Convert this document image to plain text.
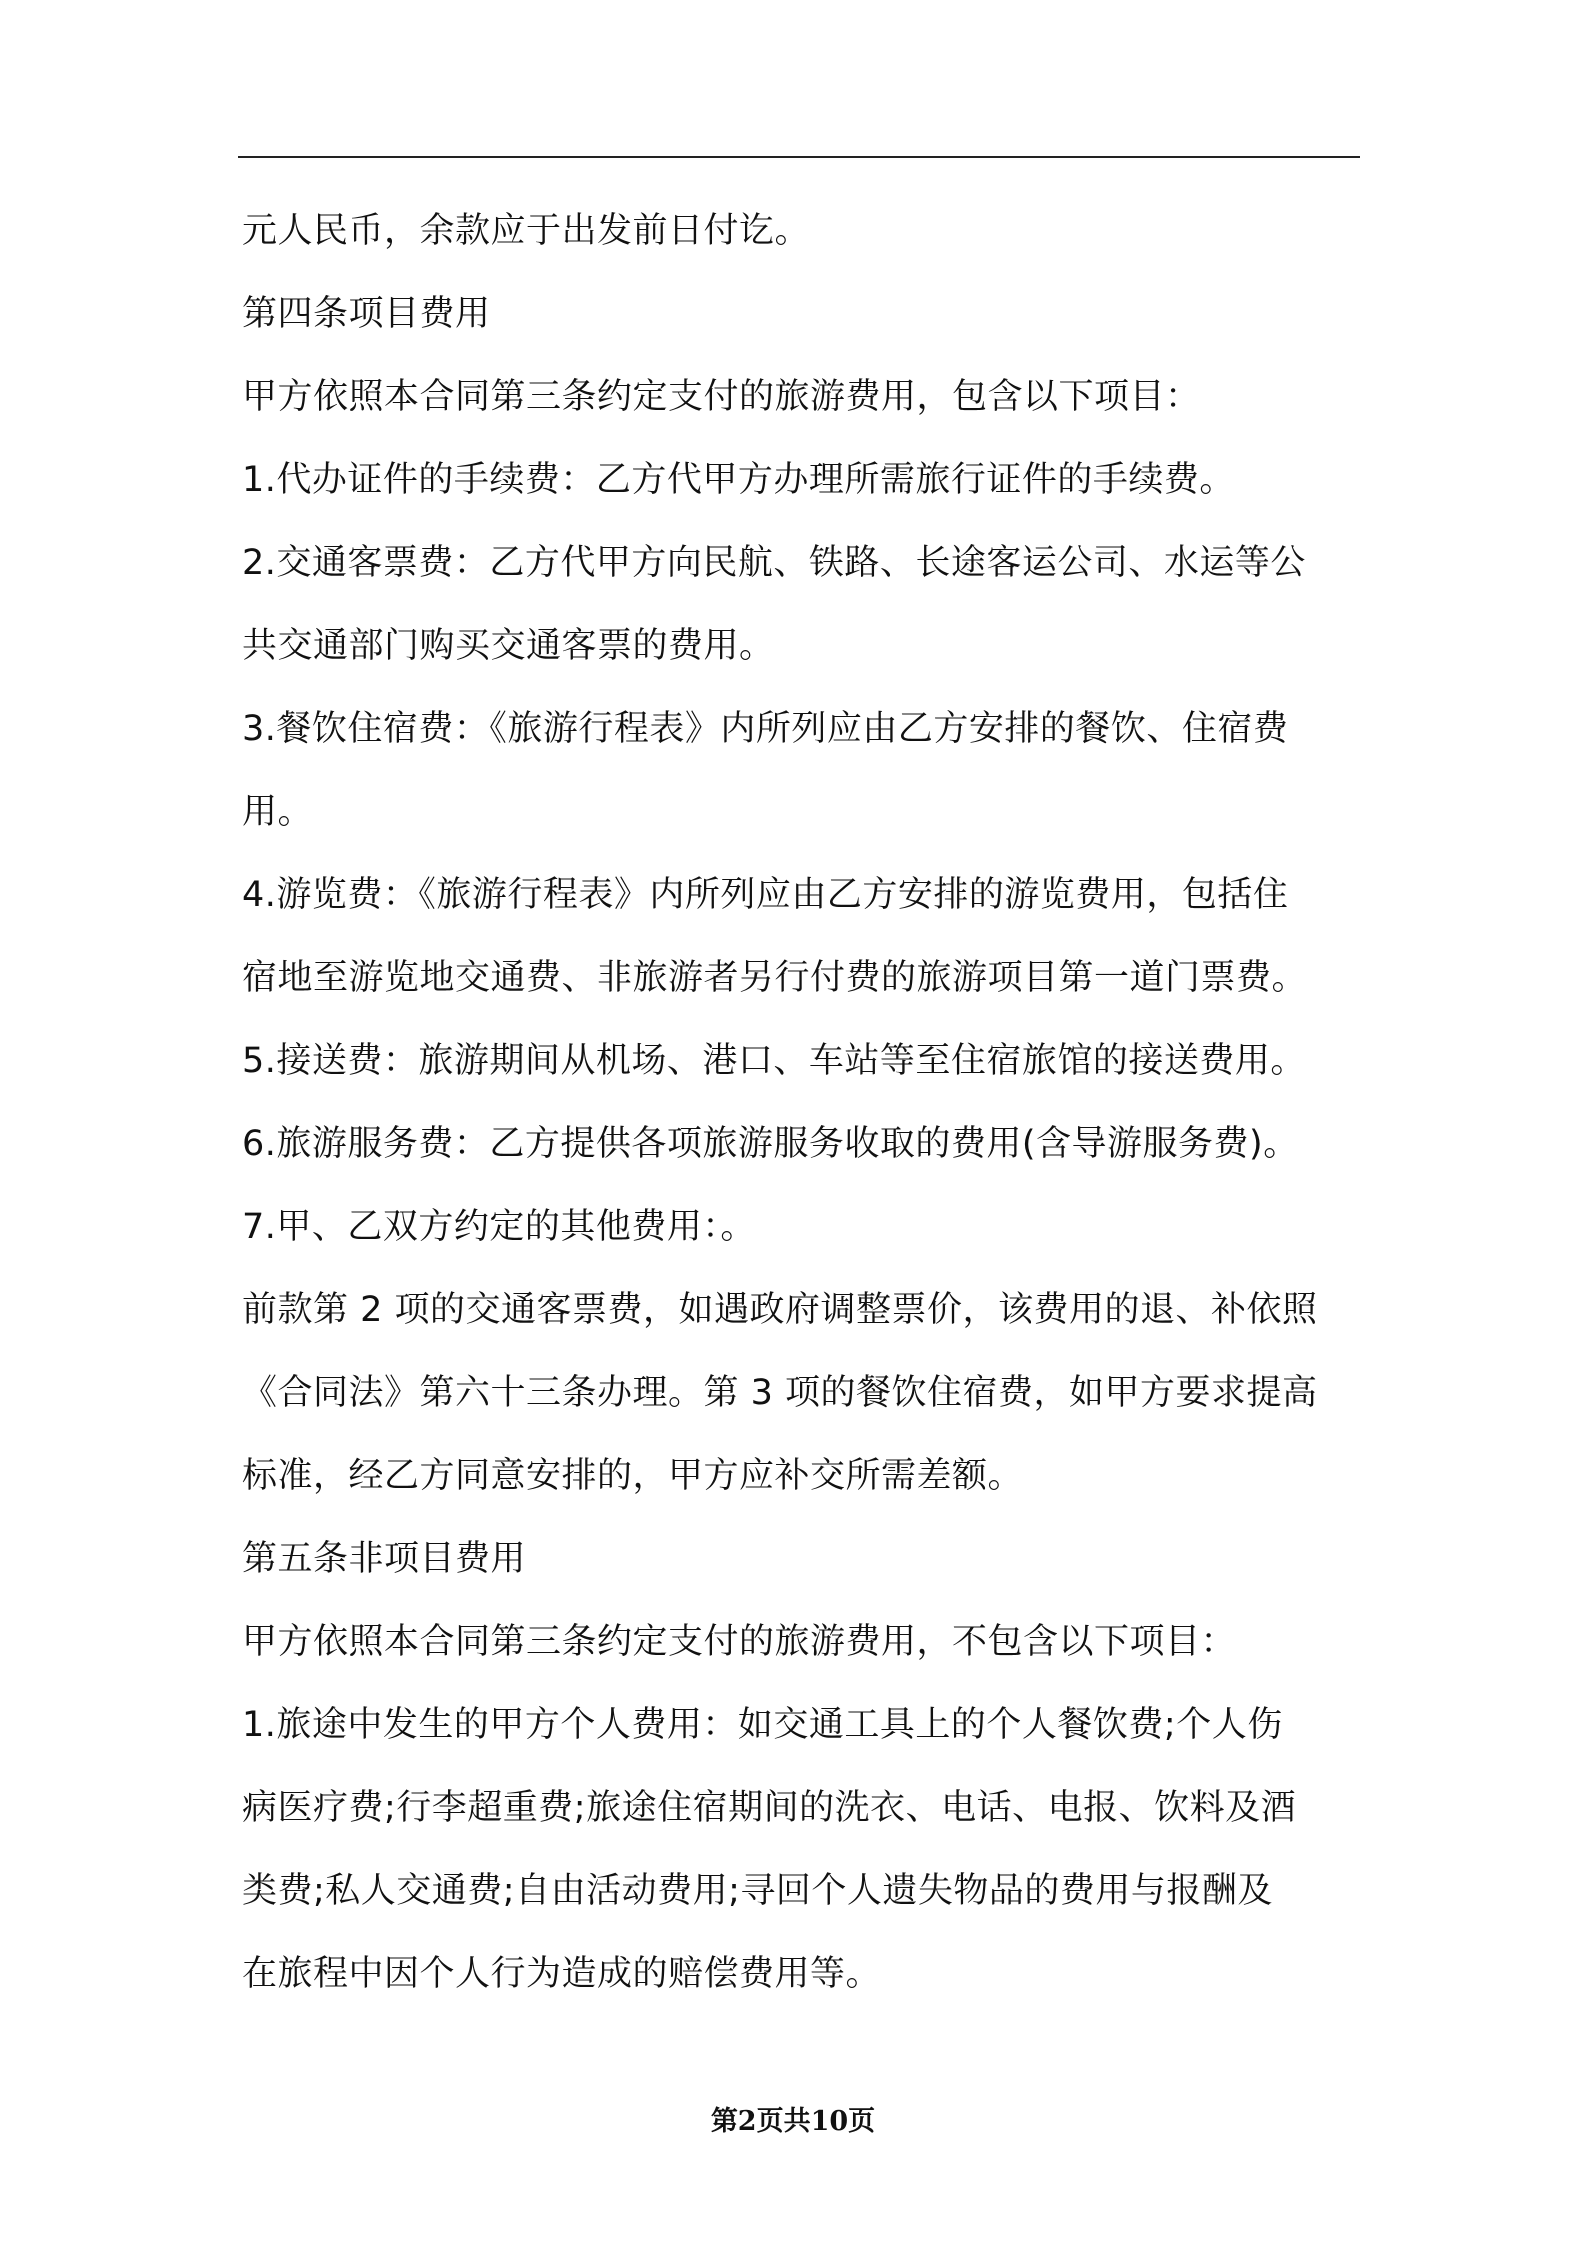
元人民币，余款应于出发前日付讫。
第四条项目费用
甲方依照本合同第三条约定支付的旅游费用，包含以下项目：
1.代办证件的手续费：乙方代甲方办理所需旅行证件的手续费。
2.交通客票费：乙方代甲方向民航、铁路、长途客运公司、水运等公
共交通部门购买交通客票的费用。
3.餐饮住宿费：《旅游行程表》内所列应由乙方安排的餐饮、住宿费
用。
4.游览费：《旅游行程表》内所列应由乙方安排的游览费用，包括住
宿地至游览地交通费、非旅游者另行付费的旅游项目第一道门票费。
5.接送费：旅游期间从机场、港口、车站等至住宿旅馆的接送费用。
6.旅游服务费：乙方提供各项旅游服务收取的费用(含导游服务费)。
7.甲、乙双方约定的其他费用：。
前款第 2 项的交通客票费，如遇政府调整票价，该费用的退、补依照
《合同法》第六十三条办理。第 3 项的餐饮住宿费，如甲方要求提高
标准，经乙方同意安排的，甲方应补交所需差额。
第五条非项目费用
甲方依照本合同第三条约定支付的旅游费用，不包含以下项目：
1.旅途中发生的甲方个人费用：如交通工具上的个人餐饮费;个人伤
病医疗费;行李超重费;旅途住宿期间的洗衣、电话、电报、饮料及酒
类费;私人交通费;自由活动费用;寻回个人遗失物品的费用与报酬及
在旅程中因个人行为造成的赔偿费用等。
第2页共10页
